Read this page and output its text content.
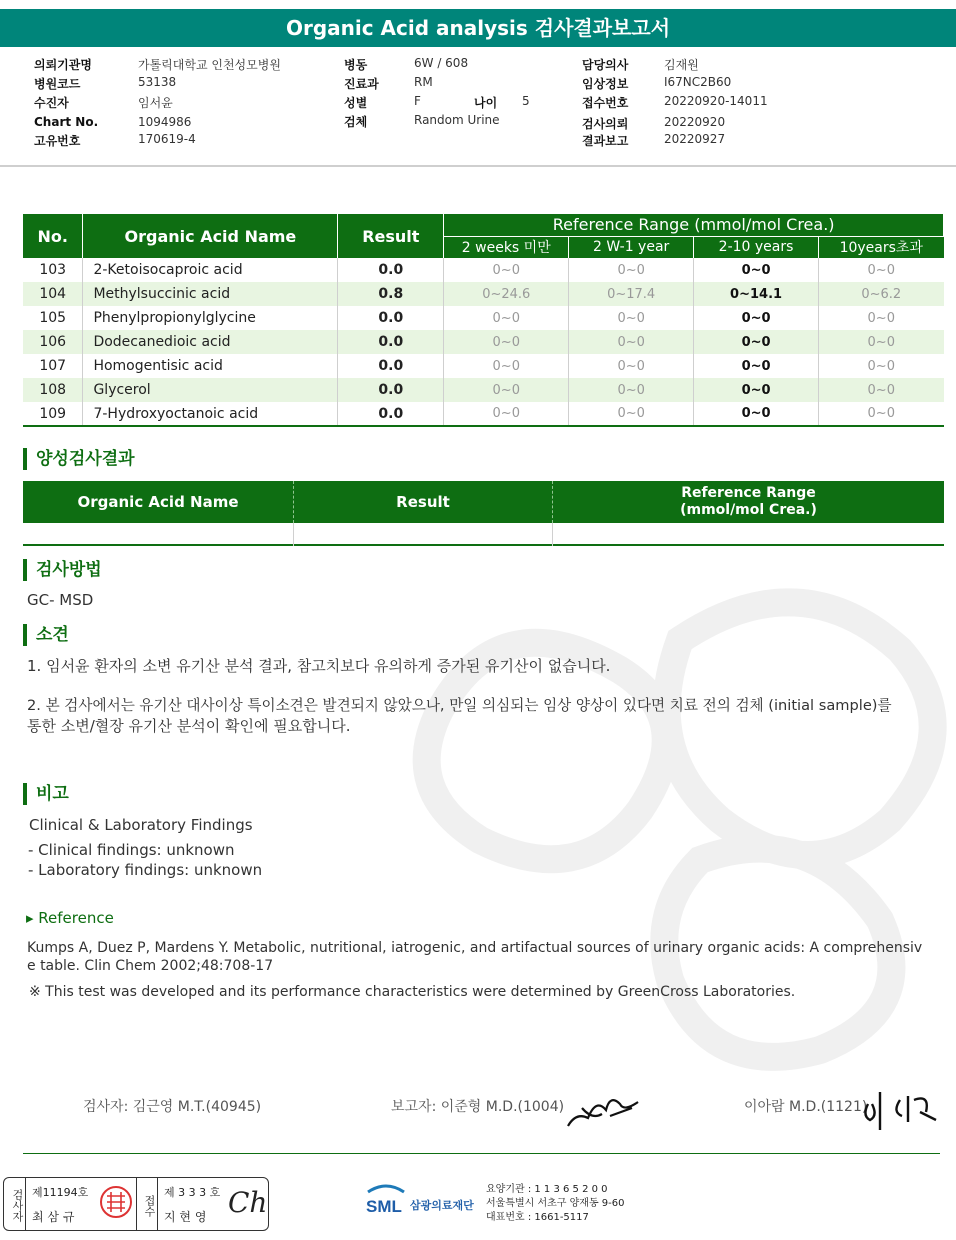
Organic Acid analysis 검사결과보고서
의뢰기관명	가톨릭대학교 인천성모병원
병원코드	53138
수진자	임서윤
Chart No.	1094986
고유번호	170619-4
병동	6W / 608
진료과	RM
성별	F	나이 5
검체	Random Urine
담당의사	김재원
임상정보	I67NC2B60
접수번호	20220920-14011
검사의뢰	20220920
결과보고	20220927
No.	Organic Acid Name	Result	Reference Range (mmol/mol Crea.)			
			2 weeks 미만	2 W-1 year	2-10 years	10years초과
103	2-Ketoisocaproic acid	0.0	0~0	0~0	0~0	0~0
104	Methylsuccinic acid	0.8	0~24.6	0~17.4	0~14.1	0~6.2
105	Phenylpropionylglycine	0.0	0~0	0~0	0~0	0~0
106	Dodecanedioic acid	0.0	0~0	0~0	0~0	0~0
107	Homogentisic acid	0.0	0~0	0~0	0~0	0~0
108	Glycerol	0.0	0~0	0~0	0~0	0~0
109	7-Hydroxyoctanoic acid	0.0	0~0	0~0	0~0	0~0
양성검사결과
Organic Acid Name	Result	Reference Range
(mmol/mol Crea.)
검사방법
GC- MSD
소견
1. 임서윤 환자의 소변 유기산 분석 결과, 참고치보다 유의하게 증가된 유기산이 없습니다.
2. 본 검사에서는 유기산 대사이상 특이소견은 발견되지 않았으나, 만일 의심되는 임상 양상이 있다면 치료 전의 검체 (initial sample)를
통한 소변/혈장 유기산 분석이 확인에 필요합니다.
비고
Clinical & Laboratory Findings
- Clinical findings: unknown
- Laboratory findings: unknown
▸ Reference
Kumps A, Duez P, Mardens Y. Metabolic, nutritional, iatrogenic, and artifactual sources of urinary organic acids: A comprehensiv
e table. Clin Chem 2002;48:708-17
※ This test was developed and its performance characteristics were determined by GreenCross Laboratories.
검사자: 김근영 M.T.(40945)	보고자: 이준형 M.D.(1004)	이아람 M.D.(1121)
검사자 제11194호
최 삼 규
접수
제 3 3 3 호
지 현 영 Ch	SML 삼광의료재단
요양기관 : 1 1 3 6 5 2 0 0
서울특별시 서초구 양재동 9-60
대표번호 : 1661-5117
